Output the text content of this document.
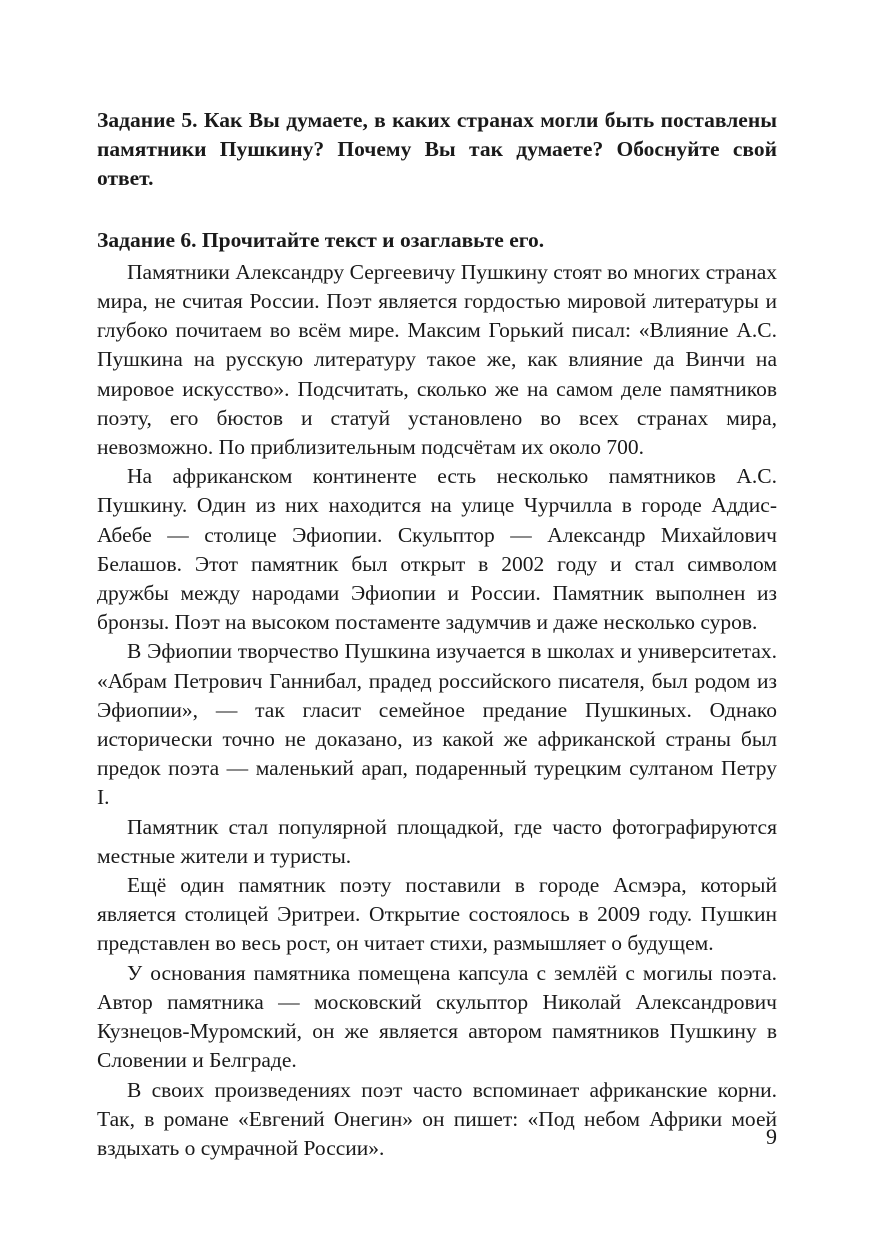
Задание 5. Как Вы думаете, в каких странах могли быть поставлены памятники Пушкину? Почему Вы так думаете? Обоснуйте свой ответ.

Задание 6. Прочитайте текст и озаглавьте его.

Памятники Александру Сергеевичу Пушкину стоят во многих странах мира, не считая России. Поэт является гордостью мировой литературы и глубоко почитаем во всём мире. Максим Горький писал: «Влияние А.С. Пушкина на русскую литературу такое же, как влияние да Винчи на мировое искусство». Подсчитать, сколько же на самом деле памятников поэту, его бюстов и статуй установлено во всех странах мира, невозможно. По приблизительным подсчётам их около 700.

На африканском континенте есть несколько памятников А.С. Пушкину. Один из них находится на улице Чурчилла в городе Аддис-Абебе — столице Эфиопии. Скульптор — Александр Михайлович Белашов. Этот памятник был открыт в 2002 году и стал символом дружбы между народами Эфиопии и России. Памятник выполнен из бронзы. Поэт на высоком постаменте задумчив и даже несколько суров.

В Эфиопии творчество Пушкина изучается в школах и университетах. «Абрам Петрович Ганнибал, прадед российского писателя, был родом из Эфиопии», — так гласит семейное предание Пушкиных. Однако исторически точно не доказано, из какой же африканской страны был предок поэта — маленький арап, подаренный турецким султаном Петру I.

Памятник стал популярной площадкой, где часто фотографируются местные жители и туристы.

Ещё один памятник поэту поставили в городе Асмэра, который является столицей Эритреи. Открытие состоялось в 2009 году. Пушкин представлен во весь рост, он читает стихи, размышляет о будущем.

У основания памятника помещена капсула с землёй с могилы поэта. Автор памятника — московский скульптор Николай Александрович Кузнецов-Муромский, он же является автором памятников Пушкину в Словении и Белграде.

В своих произведениях поэт часто вспоминает африканские корни. Так, в романе «Евгений Онегин» он пишет: «Под небом Африки моей вздыхать о сумрачной России».	9
